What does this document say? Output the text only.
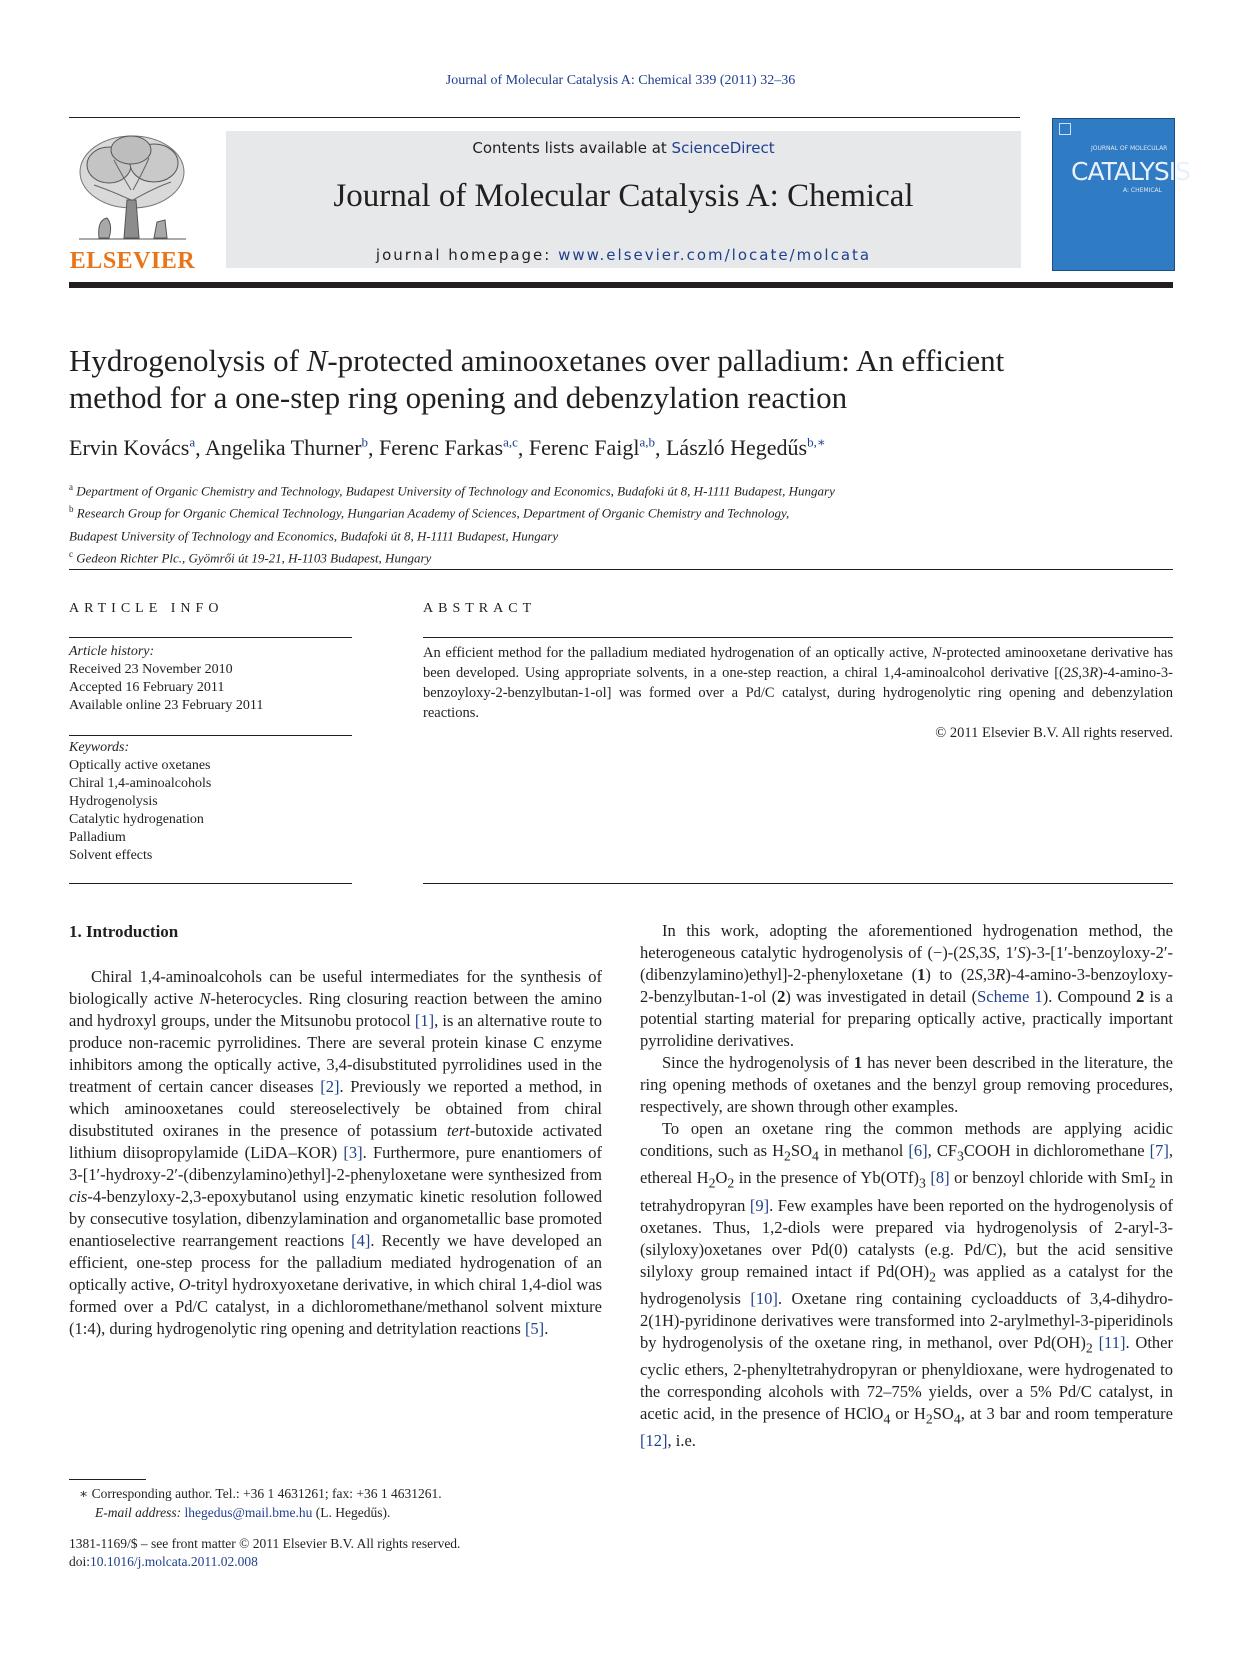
Journal of Molecular Catalysis A: Chemical 339 (2011) 32–36
ELSEVIER
Contents lists available at ScienceDirect
Journal of Molecular Catalysis A: Chemical
journal homepage: www.elsevier.com/locate/molcata
JOURNAL OF MOLECULAR
CATALYSIS
A: CHEMICAL
Hydrogenolysis of N-protected aminooxetanes over palladium: An efficient
method for a one-step ring opening and debenzylation reaction
Ervin Kovács$^a$, Angelika Thurner$^b$, Ferenc Farkas$^{a,c}$, Ferenc Faigl$^{a,b}$, László Hegedűs$^{b,∗}$
$^a$ Department of Organic Chemistry and Technology, Budapest University of Technology and Economics, Budafoki út 8, H-1111 Budapest, Hungary
$^b$ Research Group for Organic Chemical Technology, Hungarian Academy of Sciences, Department of Organic Chemistry and Technology,
Budapest University of Technology and Economics, Budafoki út 8, H-1111 Budapest, Hungary
$^c$ Gedeon Richter Plc., Gyömrői út 19-21, H-1103 Budapest, Hungary
ARTICLE INFO	ABSTRACT
Article history:
Received 23 November 2010
Accepted 16 February 2011
Available online 23 February 2011
Keywords:
Optically active oxetanes
Chiral 1,4-aminoalcohols
Hydrogenolysis
Catalytic hydrogenation
Palladium
Solvent effects
An efficient method for the palladium mediated hydrogenation of an optically active, N-protected aminooxetane derivative has been developed. Using appropriate solvents, in a one-step reaction, a chiral 1,4-aminoalcohol derivative [(2S,3R)-4-amino-3-benzoyloxy-2-benzylbutan-1-ol] was formed over a Pd/C catalyst, during hydrogenolytic ring opening and debenzylation reactions.
© 2011 Elsevier B.V. All rights reserved.
1. Introduction

Chiral 1,4-aminoalcohols can be useful intermediates for the synthesis of biologically active N-heterocycles. Ring closuring reaction between the amino and hydroxyl groups, under the Mitsunobu protocol [1], is an alternative route to produce non-racemic pyrrolidines. There are several protein kinase C enzyme inhibitors among the optically active, 3,4-disubstituted pyrrolidines used in the treatment of certain cancer diseases [2]. Previously we reported a method, in which aminooxetanes could stereoselectively be obtained from chiral disubstituted oxiranes in the presence of potassium tert-butoxide activated lithium diisopropylamide (LiDA–KOR) [3]. Furthermore, pure enantiomers of 3-[1′-hydroxy-2′-(dibenzylamino)ethyl]-2-phenyloxetane were synthesized from cis-4-benzyloxy-2,3-epoxybutanol using enzymatic kinetic resolution followed by consecutive tosylation, dibenzylamination and organometallic base promoted enantioselective rearrangement reactions [4]. Recently we have developed an efficient, one-step process for the palladium mediated hydrogenation of an optically active, O-trityl hydroxyoxetane derivative, in which chiral 1,4-diol was formed over a Pd/C catalyst, in a dichloromethane/methanol solvent mixture (1:4), during hydrogenolytic ring opening and detritylation reactions [5].

In this work, adopting the aforementioned hydrogenation method, the heterogeneous catalytic hydrogenolysis of (−)-(2S,3S, 1′S)-3-[1′-benzoyloxy-2′-(dibenzylamino)ethyl]-2-phenyloxetane (1) to (2S,3R)-4-amino-3-benzoyloxy-2-benzylbutan-1-ol (2) was investigated in detail (Scheme 1). Compound 2 is a potential starting material for preparing optically active, practically important pyrrolidine derivatives.

Since the hydrogenolysis of 1 has never been described in the literature, the ring opening methods of oxetanes and the benzyl group removing procedures, respectively, are shown through other examples.

To open an oxetane ring the common methods are applying acidic conditions, such as $H_2SO_4$ in methanol [6], $CF_3COOH$ in dichloromethane [7], ethereal $H_2O_2$ in the presence of $Yb(OTf)_3$ [8] or benzoyl chloride with SmI$_2$ in tetrahydropyran [9]. Few examples have been reported on the hydrogenolysis of oxetanes. Thus, 1,2-diols were prepared via hydrogenolysis of 2-aryl-3-(silyloxy)oxetanes over Pd(0) catalysts (e.g. Pd/C), but the acid sensitive silyloxy group remained intact if $Pd(OH)_2$ was applied as a catalyst for the hydrogenolysis [10]. Oxetane ring containing cycloadducts of 3,4-dihydro-2(1H)-pyridinone derivatives were transformed into 2-arylmethyl-3-piperidinols by hydrogenolysis of the oxetane ring, in methanol, over $Pd(OH)_2$ [11]. Other cyclic ethers, 2-phenyltetrahydropyran or phenyldioxane, were hydrogenated to the corresponding alcohols with 72–75% yields, over a 5% Pd/C catalyst, in acetic acid, in the presence of HClO$_4$ or $H_2SO_4$, at 3 bar and room temperature [12], i.e.

∗ Corresponding author. Tel.: +36 1 4631261; fax: +36 1 4631261.
E-mail address: lhegedus@mail.bme.hu (L. Hegedűs).
1381-1169/$ – see front matter © 2011 Elsevier B.V. All rights reserved.
doi:10.1016/j.molcata.2011.02.008
